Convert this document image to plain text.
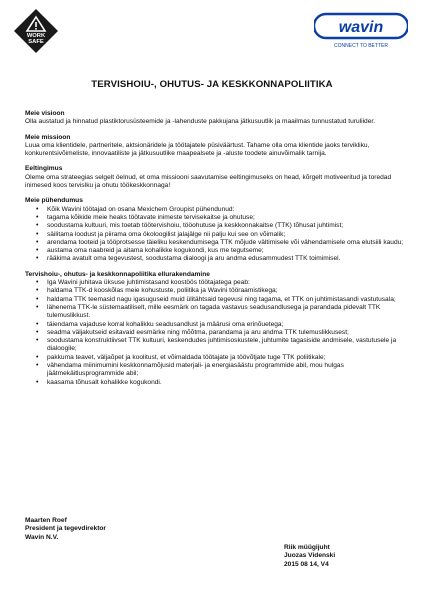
WORK
SAFE
wavin
CONNECT TO BETTER
TERVISHOIU-, OHUTUS- JA KESKKONNAPOLIITIKA

Meie visioon

Olla austatud ja hinnatud plastiktorusüsteemide ja -lahenduste pakkujana jätkusuutlik ja maailmas tunnustatud turuliider.

Meie missioon

Luua oma klientidele, partneritele, aktsionäridele ja töötajatele püsiväärtust. Tahame olla oma klientide jaoks tervikliku, konkurentsivõimeliste, innovaatiliste ja jätkusuutlike maapealsete ja -aluste toodete ainuvõimalik tarnija.

Eeltingimus

Oleme oma strateegias selgelt öelnud, et oma missiooni saavutamise eeltingimuseks on head, kõrgelt motiveeritud ja toredad inimesed koos tervislku ja ohutu töökeskkonnaga!

Meie pühendumus

• Kõik Wavini töötajad on osana Mexichem Groupist pühendunud:
• tagama kõikide meie heaks töötavate inimeste tervisekaitse ja ohutuse;
• soodustama kultuuri, mis toetab töötervishoiu, tööohutuse ja keskkonnakaitse (TTK) tõhusat juhtimist;
• säilitama loodust ja piirama oma ökoloogilist jalajälge nii palju kui see on võimalik;
• arendama tooteid ja tööprotsesse täieliku keskendumisega TTK mõjude vältimisele või vähendamisele oma elutsiili kaudu;
• austama oma naabreid ja aitama kohalikke kogukondi, kus me tegutseme;
• rääkima avatult oma tegevustest, soodustama dialoogi ja aru andma edusammudest TTK toimimisel.

Tervishoiu-, ohutus- ja keskkonnapoliitika ellurakendamine

• Iga Wavini juhitava üksuse juhtimistasand koostöös töötajatega peab:
• haldama TTK-d kooskõlas meie kohustuste, poliitika ja Wavini tööraamistikega;
• haldama TTK teemasid nagu igasuguseid muid ülitähtsaid tegevusi ning tagama, et TTK on juhtimistasandi vastutusala;
• lähenema TTK-le süstemaatiliselt, mille eesmärk on tagada vastavus seadusandlusega ja parandada pidevalt TTK tulemuslikkust.
• täiendama vajaduse korral kohalikku seadusandlust ja määrusi oma erinõuetega;
• seadma väljakutseid esitavaid eesmärke ning mõõtma, parandama ja aru andma TTK tulemuslikkusest;
• soodustama konstruktiivset TTK kultuuri, keskendudes juhtimisoskustele, juhtumite tagasiside andmisele, vastutusele ja dialoogile;
• pakkuma teavet, väljaõpet ja koolitust, et võimaldada töötajate ja töövõtjate tuge TTK poliitikale;
• vähendama miinimumini keskkonnamõjusid materjali- ja energiasäästu programmide abil, mou hulgas jäätmekäitlusprogrammide abil;
• kaasama tõhusalt kohalikke kogukondi.
Maarten Roef
President ja tegevdirektor
Wavin N.V.
Riik müügijuht
Juozas Videnski
2015 08 14, V4
